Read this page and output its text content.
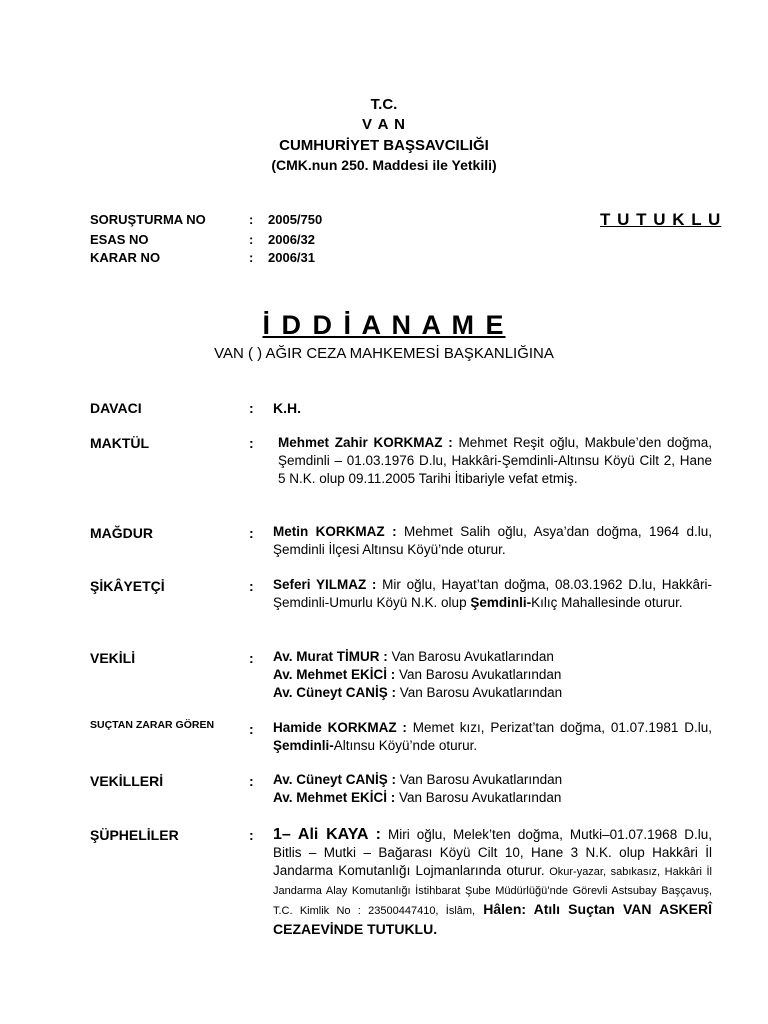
T.C.
V A N
CUMHURİYET BAŞSAVCILIĞI
(CMK.nun 250. Maddesi ile Yetkili)
SORUŞTURMA NO	: 2005/750
ESAS NO	: 2006/32
KARAR NO	: 2006/31
T U T U K L U
İ D D İ A N A M E
VAN ( ) AĞIR CEZA MAHKEMESİ BAŞKANLIĞINA
DAVACI	: K.H.
MAKTÜL	: Mehmet Zahir KORKMAZ : Mehmet Reşit oğlu, Makbule’den doğma, Şemdinli – 01.03.1976 D.lu, Hakkâri-Şemdinli-Altınsu Köyü Cilt 2, Hane 5 N.K. olup 09.11.2005 Tarihi İtibariyle vefat etmiş.
MAĞDUR	: Metin KORKMAZ : Mehmet Salih oğlu, Asya’dan doğma, 1964 d.lu, Şemdinli İlçesi Altınsu Köyü’nde oturur.
ŞİKÂYETÇİ	: Seferi YILMAZ : Mir oğlu, Hayat’tan doğma, 08.03.1962 D.lu, Hakkâri-Şemdinli-Umurlu Köyü N.K. olup Şemdinli-Kılıç Mahallesinde oturur.
VEKİLİ	: Av. Murat TİMUR : Van Barosu Avukatlarından
Av. Mehmet EKİCİ : Van Barosu Avukatlarından
Av. Cüneyt CANİŞ : Van Barosu Avukatlarından
SUÇTAN ZARAR GÖREN : Hamide KORKMAZ : Memet kızı, Perizat’tan doğma, 01.07.1981 D.lu, Şemdinli-Altınsu Köyü’nde oturur.
VEKİLLERİ	: Av. Cüneyt CANİŞ : Van Barosu Avukatlarından
Av. Mehmet EKİCİ : Van Barosu Avukatlarından
ŞÜPHELİLER	: 1– Ali KAYA : Miri oğlu, Melek’ten doğma, Mutki–01.07.1968 D.lu, Bitlis – Mutki – Bağarası Köyü Cilt 10, Hane 3 N.K. olup Hakkâri İl Jandarma Komutanlığı Lojmanlarında oturur. Okur-yazar, sabıkasız, Hakkâri İl Jandarma Alay Komutanlığı İstihbarat Şube Müdürlüğü’nde Görevli Astsubay Başçavuş, T.C. Kimlik No : 23500447410, İslâm, Hâlen: Atılı Suçtan VAN ASKERÎ CEZAEVİNDE TUTUKLU.
